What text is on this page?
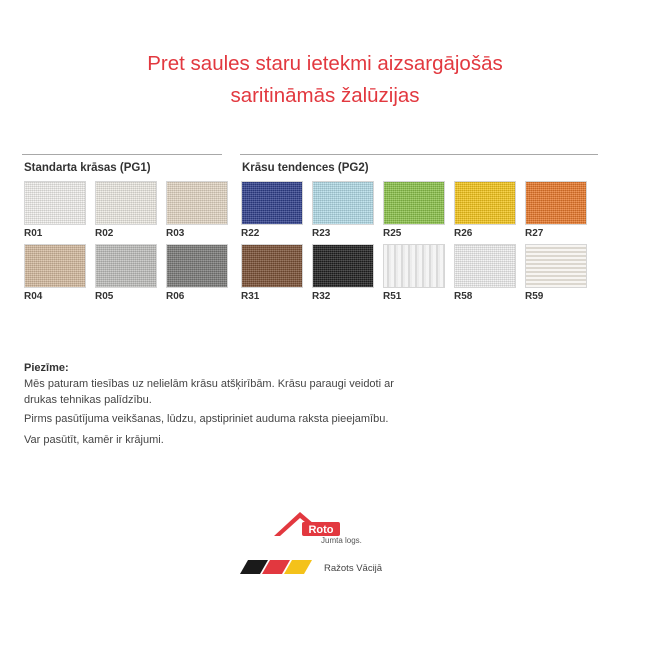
Pret saules staru ietekmi aizsargājošās
saritināmās žalūzijas
Standarta krāsas (PG1)	Krāsu tendences (PG2)
R01	R02	R03
R04	R05	R06
R22	R23	R25	R26	R27
R31	R32	R51	R58	R59
Piezīme:
Mēs paturam tiesības uz nelielām krāsu atšķirībām. Krāsu paraugi veidoti ar
drukas tehnikas palīdzību.
Pirms pasūtījuma veikšanas, lūdzu, apstipriniet auduma raksta pieejamību.
Var pasūtīt, kamēr ir krājumi.
Roto
Jumta logs.
Ražots Vācijā
